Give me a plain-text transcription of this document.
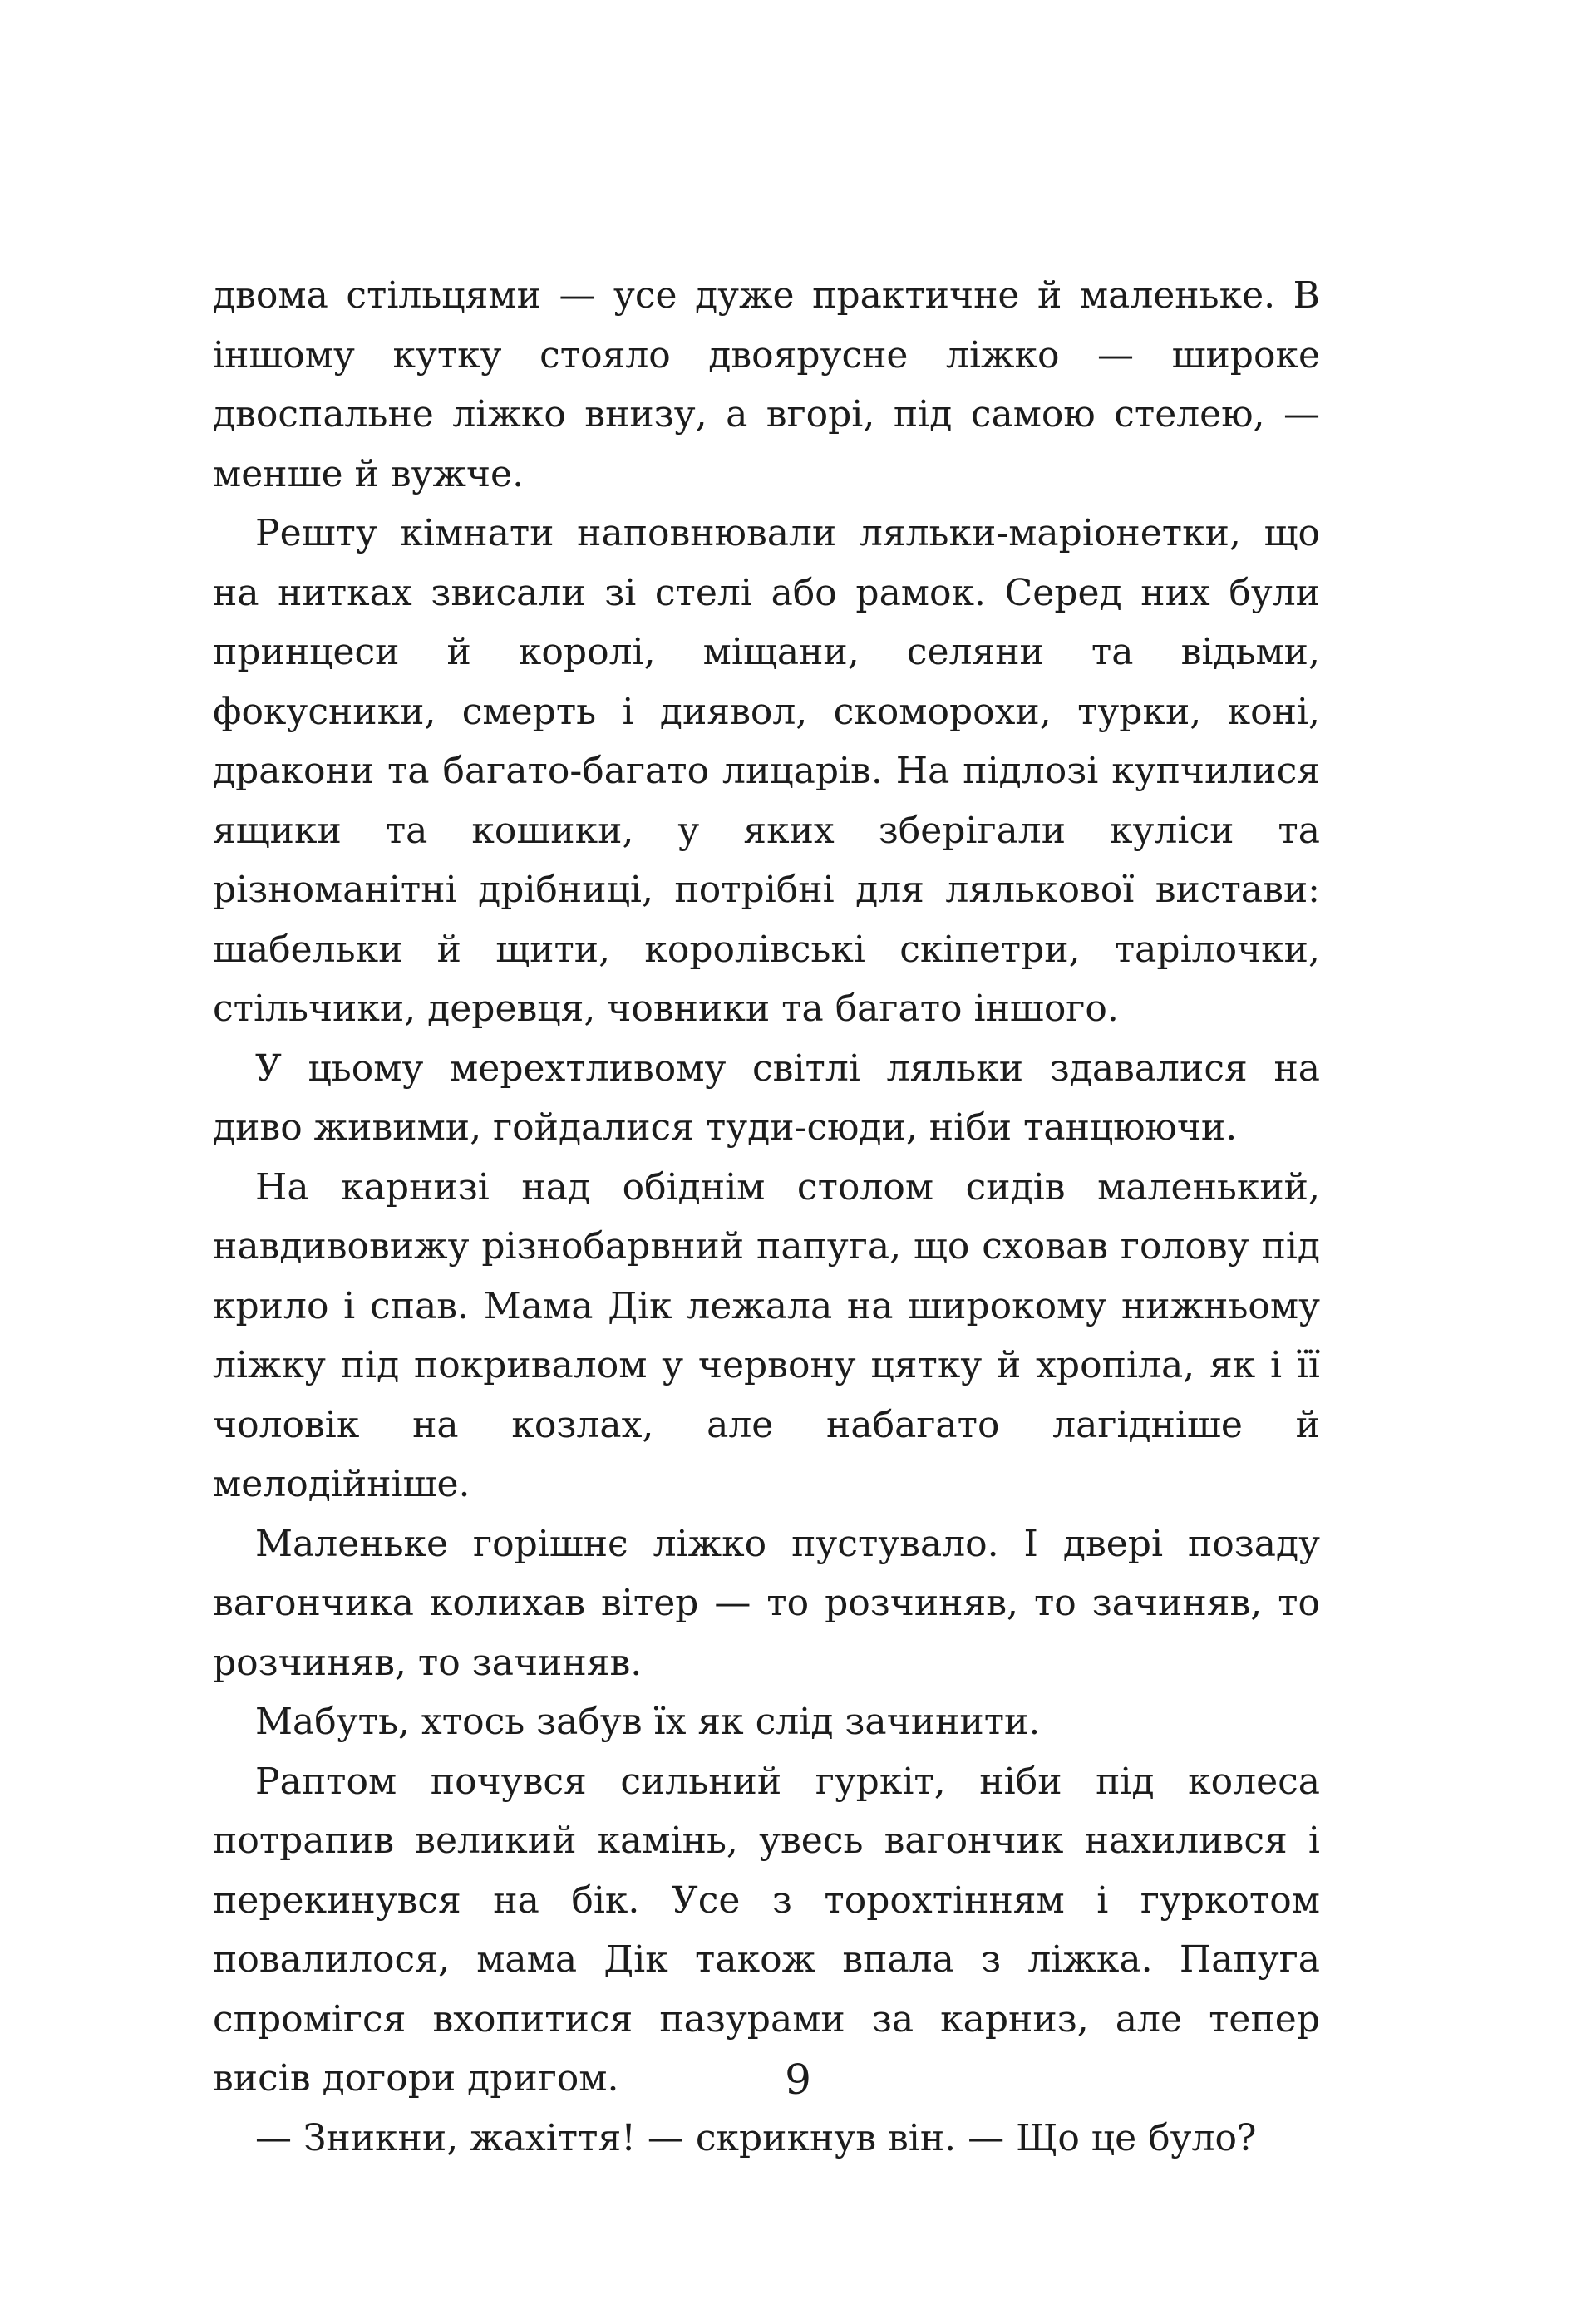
двома стільцями — усе дуже практичне й маленьке. В іншому кутку стояло двоярусне ліжко — широке двоспальне ліжко внизу, а вгорі, під самою стелею, — менше й вужче.

Решту кімнати наповнювали ляльки-маріонетки, що на нитках звисали зі стелі або рамок. Серед них були принцеси й королі, міщани, селяни та відьми, фокусники, смерть і диявол, скоморохи, турки, коні, дракони та багато-багато лицарів. На підлозі купчилися ящики та кошики, у яких зберігали куліси та різноманітні дрібниці, потрібні для лялькової вистави: шабельки й щити, королівські скіпетри, тарілочки, стільчики, деревця, човники та багато іншого.

У цьому мерехтливому світлі ляльки здавалися на диво живими, гойдалися туди-сюди, ніби танцюючи.

На карнизі над обіднім столом сидів маленький, навдивовижу різнобарвний папуга, що сховав голову під крило і спав. Мама Дік лежала на широкому нижньому ліжку під покривалом у червону цятку й хропіла, як і її чоловік на козлах, але набагато лагідніше й мелодійніше.

Маленьке горішнє ліжко пустувало. І двері позаду вагончика колихав вітер — то розчиняв, то зачиняв, то розчиняв, то зачиняв.

Мабуть, хтось забув їх як слід зачинити.

Раптом почувся сильний гуркіт, ніби під колеса потрапив великий камінь, увесь вагончик нахилився і перекинувся на бік. Усе з торохтінням і гуркотом повалилося, мама Дік також впала з ліжка. Папуга спромігся вхопитися пазурами за карниз, але тепер висів догори дригом.

— Зникни, жахіття! — скрикнув він. — Що це було?

9
